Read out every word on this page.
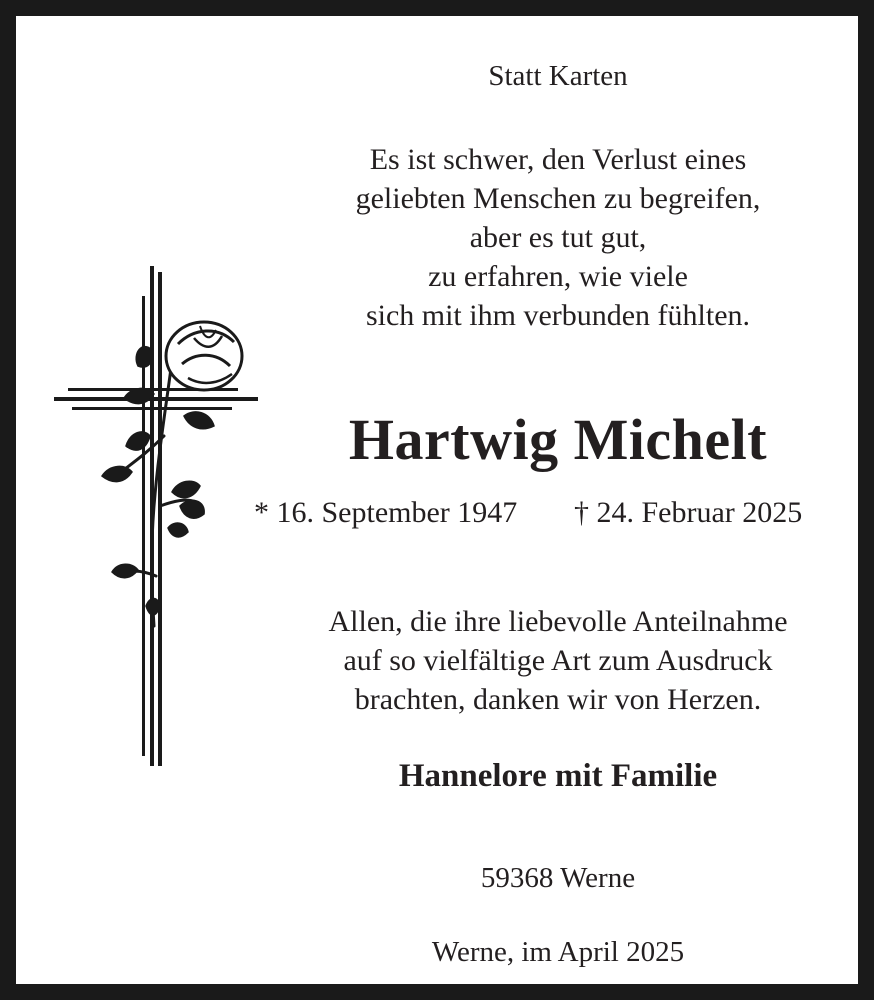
Statt Karten
Es ist schwer, den Verlust eines
geliebten Menschen zu begreifen,
aber es tut gut,
zu erfahren, wie viele
sich mit ihm verbunden fühlten.
Hartwig Michelt
* 16. September 1947 † 24. Februar 2025
Allen, die ihre liebevolle Anteilnahme
auf so vielfältige Art zum Ausdruck
brachten, danken wir von Herzen.
Hannelore mit Familie
59368 Werne
Werne, im April 2025
